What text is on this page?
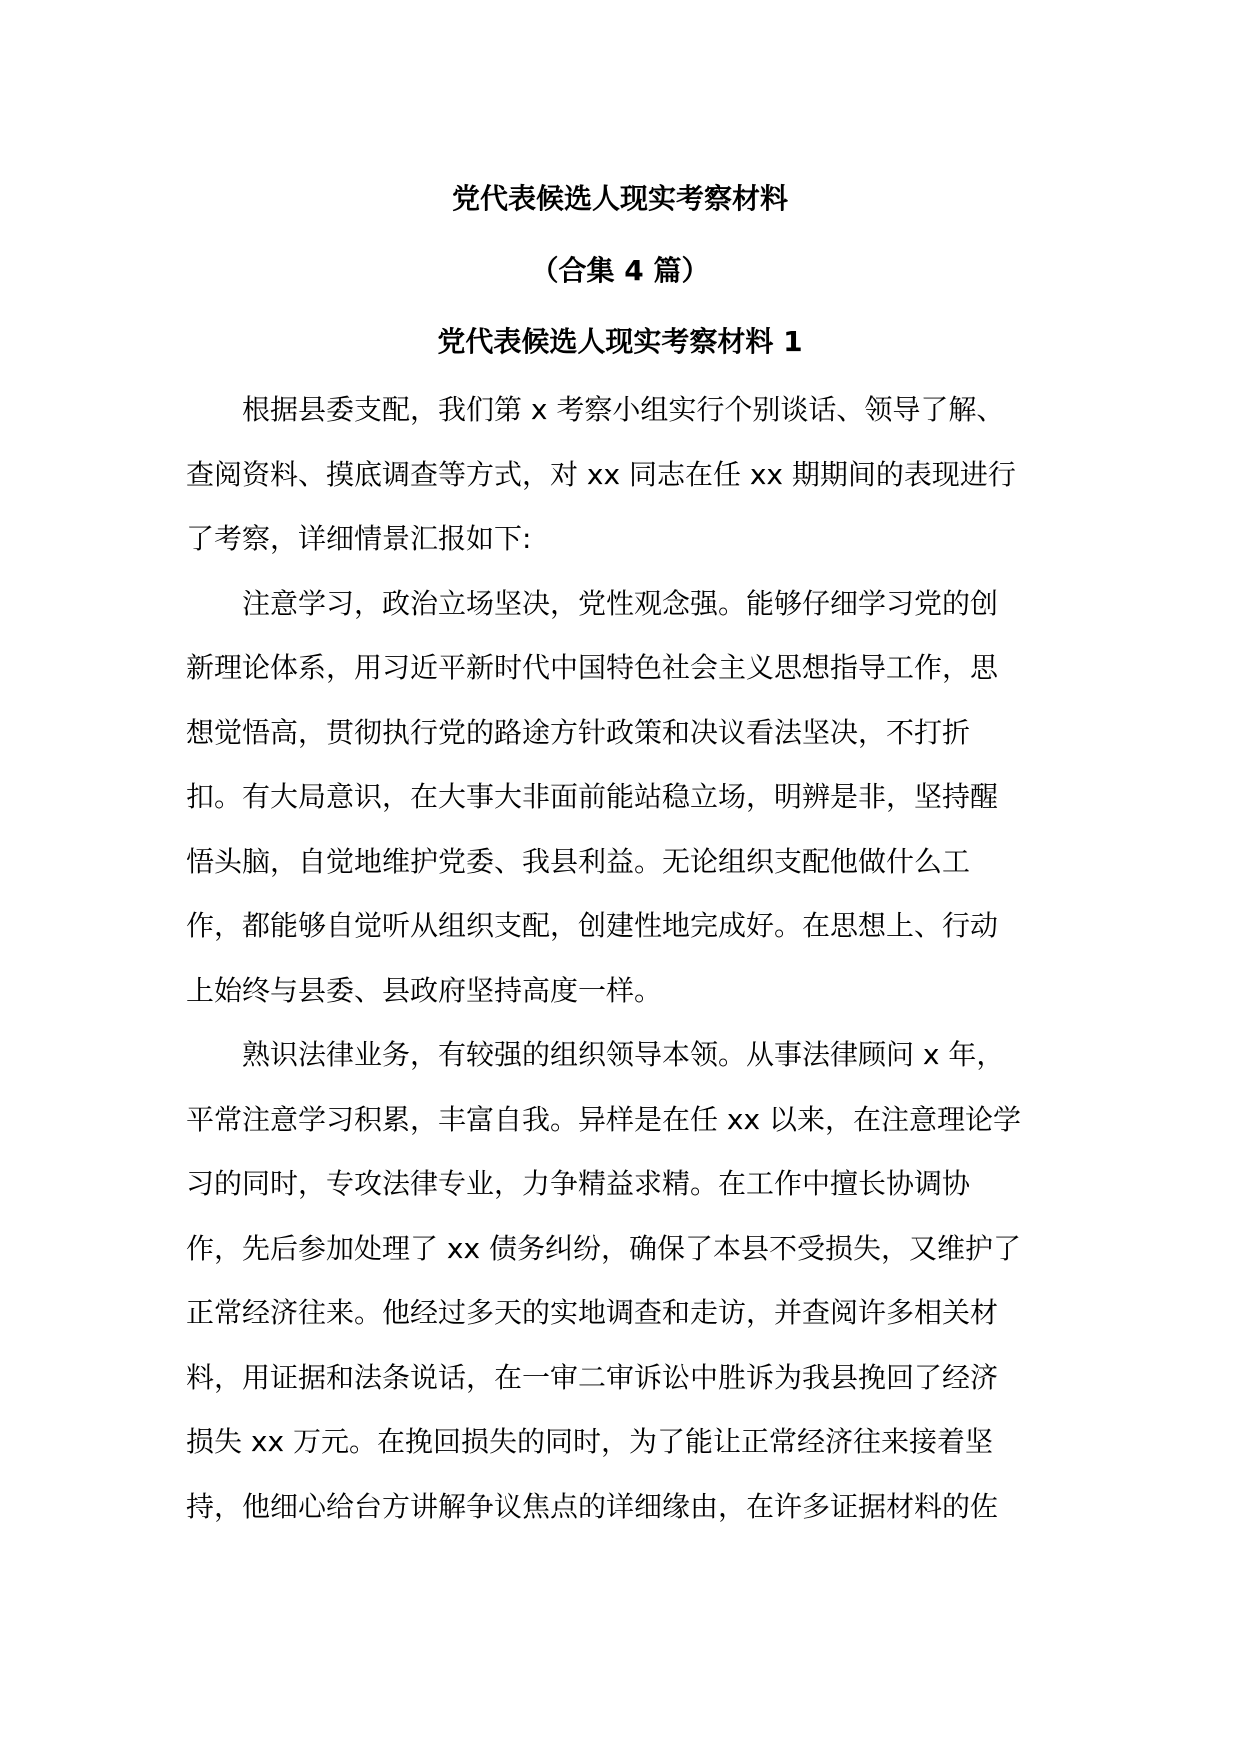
党代表候选人现实考察材料
（合集 4 篇）
党代表候选人现实考察材料 1

根据县委支配，我们第 x 考察小组实行个别谈话、领导了解、
查阅资料、摸底调查等方式，对 xx 同志在任 xx 期期间的表现进行
了考察，详细情景汇报如下:

注意学习，政治立场坚决，党性观念强。能够仔细学习党的创
新理论体系，用习近平新时代中国特色社会主义思想指导工作，思
想觉悟高，贯彻执行党的路途方针政策和决议看法坚决，不打折
扣。有大局意识，在大事大非面前能站稳立场，明辨是非，坚持醒
悟头脑，自觉地维护党委、我县利益。无论组织支配他做什么工
作，都能够自觉听从组织支配，创建性地完成好。在思想上、行动
上始终与县委、县政府坚持高度一样。

熟识法律业务，有较强的组织领导本领。从事法律顾问 x 年，
平常注意学习积累，丰富自我。异样是在任 xx 以来，在注意理论学
习的同时，专攻法律专业，力争精益求精。在工作中擅长协调协
作，先后参加处理了 xx 债务纠纷，确保了本县不受损失，又维护了
正常经济往来。他经过多天的实地调查和走访，并查阅许多相关材
料，用证据和法条说话，在一审二审诉讼中胜诉为我县挽回了经济
损失 xx 万元。在挽回损失的同时，为了能让正常经济往来接着坚
持，他细心给台方讲解争议焦点的详细缘由，在许多证据材料的佐
